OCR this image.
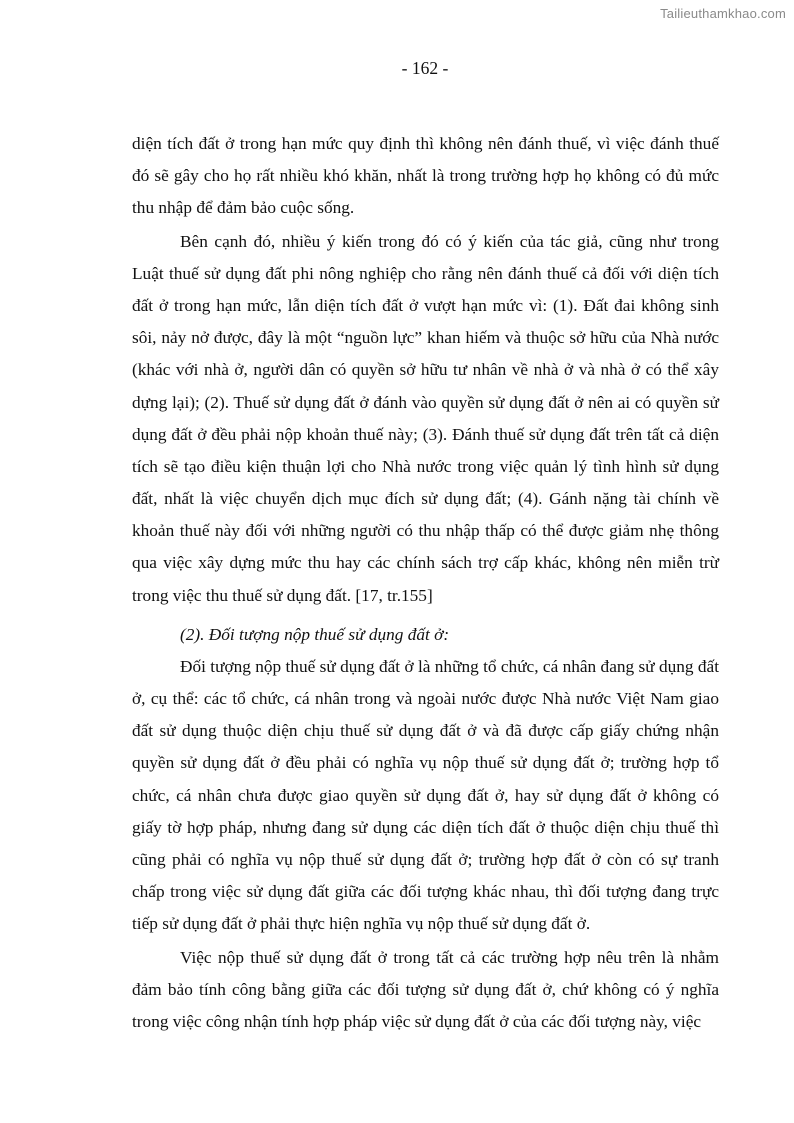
Tailieuthamkhao.com
- 162 -
diện tích đất ở trong hạn mức quy định thì không nên đánh thuế, vì việc đánh thuế
đó sẽ gây cho họ rất nhiều khó khăn, nhất là trong trường hợp họ không có đủ mức
thu nhập để đảm bảo cuộc sống.
Bên cạnh đó, nhiều ý kiến trong đó có ý kiến của tác giả, cũng như trong
Luật thuế sử dụng đất phi nông nghiệp cho rằng nên đánh thuế cả đối với diện tích
đất ở trong hạn mức, lẫn diện tích đất ở vượt hạn mức vì: (1). Đất đai không sinh
sôi, nảy nở được, đây là một “nguồn lực” khan hiếm và thuộc sở hữu của Nhà nước
(khác với nhà ở, người dân có quyền sở hữu tư nhân về nhà ở và nhà ở có thể xây
dựng lại); (2). Thuế sử dụng đất ở đánh vào quyền sử dụng đất ở nên ai có quyền sử
dụng đất ở đều phải nộp khoản thuế này; (3). Đánh thuế sử dụng đất trên tất cả diện
tích sẽ tạo điều kiện thuận lợi cho Nhà nước trong việc quản lý tình hình sử dụng
đất, nhất là việc chuyển dịch mục đích sử dụng đất; (4). Gánh nặng tài chính về
khoản thuế này đối với những người có thu nhập thấp có thể được giảm nhẹ thông
qua việc xây dựng mức thu hay các chính sách trợ cấp khác, không nên miễn trừ
trong việc thu thuế sử dụng đất. [17, tr.155]
(2). Đối tượng nộp thuế sử dụng đất ở:
Đối tượng nộp thuế sử dụng đất ở là những tổ chức, cá nhân đang sử dụng đất
ở, cụ thể: các tổ chức, cá nhân trong và ngoài nước được Nhà nước Việt Nam giao
đất sử dụng thuộc diện chịu thuế sử dụng đất ở và đã được cấp giấy chứng nhận
quyền sử dụng đất ở đều phải có nghĩa vụ nộp thuế sử dụng đất ở; trường hợp tổ
chức, cá nhân chưa được giao quyền sử dụng đất ở, hay sử dụng đất ở không có
giấy tờ hợp pháp, nhưng đang sử dụng các diện tích đất ở thuộc diện chịu thuế thì
cũng phải có nghĩa vụ nộp thuế sử dụng đất ở; trường hợp đất ở còn có sự tranh
chấp trong việc sử dụng đất giữa các đối tượng khác nhau, thì đối tượng đang trực
tiếp sử dụng đất ở phải thực hiện nghĩa vụ nộp thuế sử dụng đất ở.
Việc nộp thuế sử dụng đất ở trong tất cả các trường hợp nêu trên là nhằm
đảm bảo tính công bằng giữa các đối tượng sử dụng đất ở, chứ không có ý nghĩa
trong việc công nhận tính hợp pháp việc sử dụng đất ở của các đối tượng này, việc
